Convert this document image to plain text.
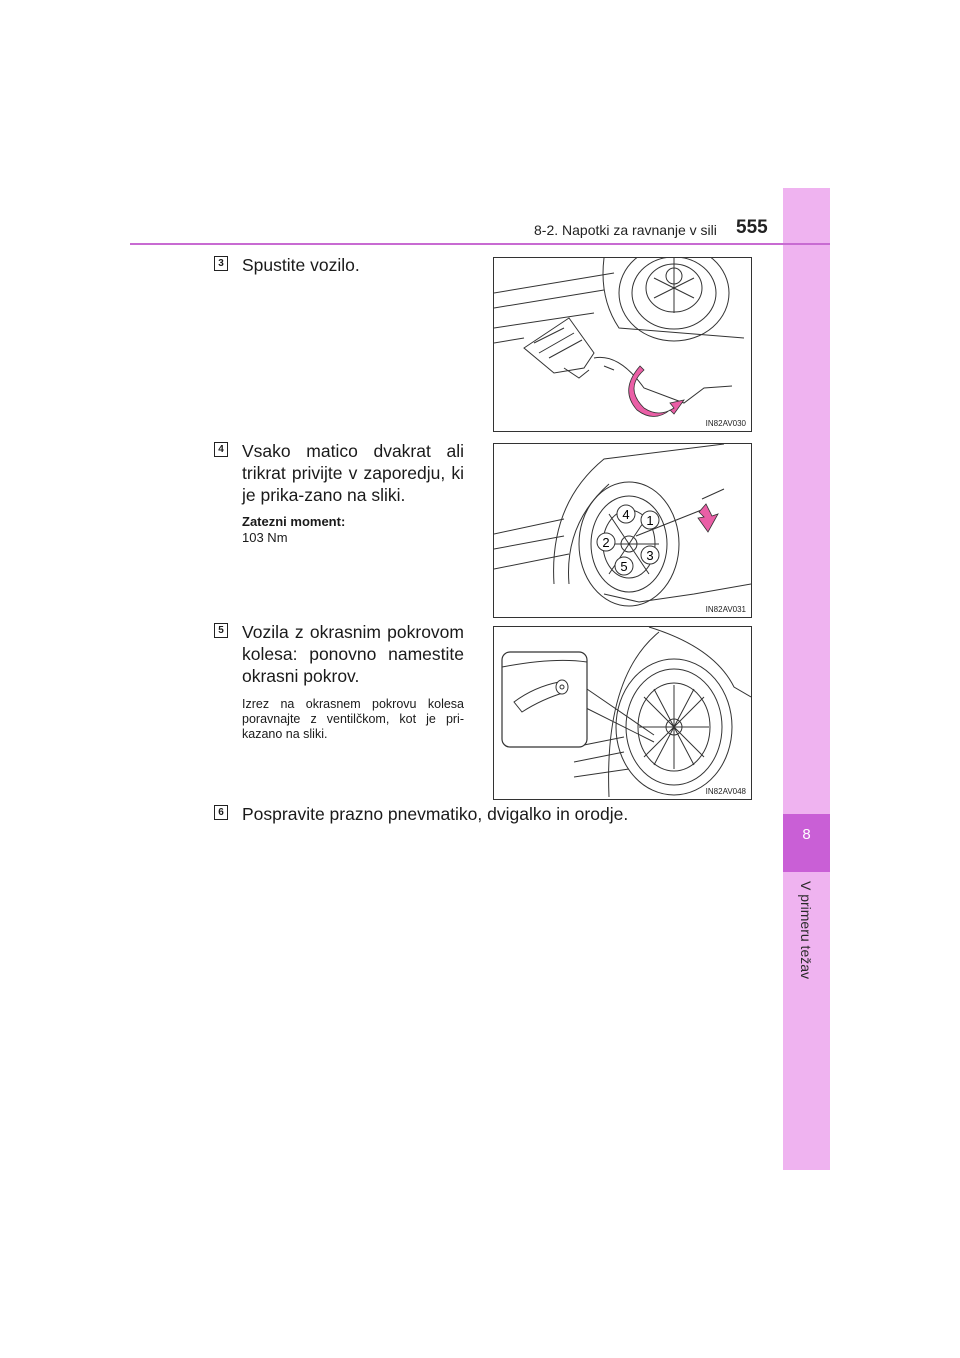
8
V primeru težav
8-2. Napotki za ravnanje v sili 555
3 Spustite vozilo.
IN82AV030
4 Vsako matico dvakrat ali trikrat privijte v zaporedju, ki je prika-zano na sliki.
Zatezni moment:
103 Nm
1
2
3
4
5
IN82AV031
5 Vozila z okrasnim pokrovom kolesa: ponovno namestite okrasni pokrov.
Izrez na okrasnem pokrovu kolesa poravnajte z ventilčkom, kot je pri-kazano na sliki.
IN82AV048
6 Pospravite prazno pnevmatiko, dvigalko in orodje.
